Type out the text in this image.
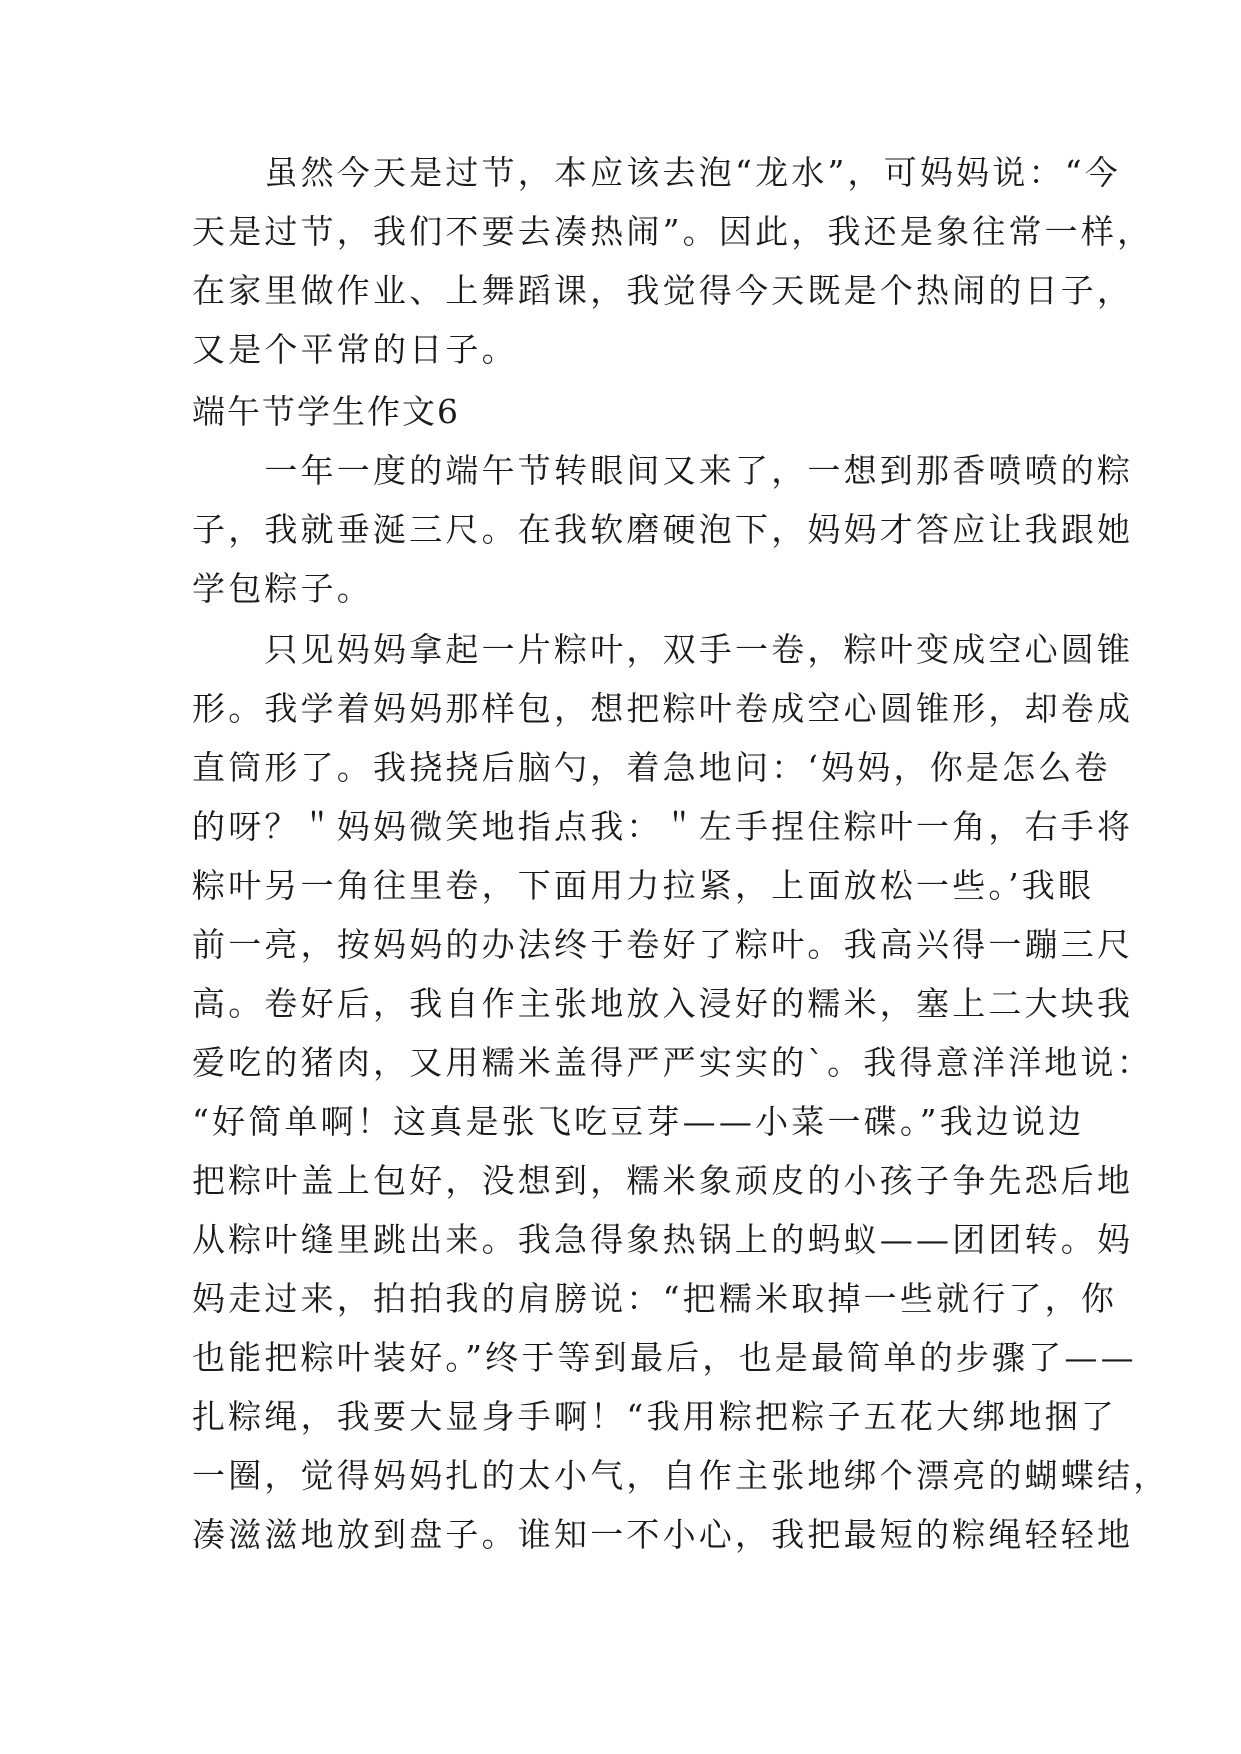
　　虽然今天是过节，本应该去泡“龙水”，可妈妈说：“今
天是过节，我们不要去凑热闹”。因此，我还是象往常一样，
在家里做作业、上舞蹈课，我觉得今天既是个热闹的日子，
又是个平常的日子。
端午节学生作文6
　　一年一度的端午节转眼间又来了，一想到那香喷喷的粽
子，我就垂涎三尺。在我软磨硬泡下，妈妈才答应让我跟她
学包粽子。
　　只见妈妈拿起一片粽叶，双手一卷，粽叶变成空心圆锥
形。我学着妈妈那样包，想把粽叶卷成空心圆锥形，却卷成
直筒形了。我挠挠后脑勺，着急地问：‘妈妈，你是怎么卷
的呀？＂妈妈微笑地指点我：＂左手捏住粽叶一角，右手将
粽叶另一角往里卷，下面用力拉紧，上面放松一些。’我眼
前一亮，按妈妈的办法终于卷好了粽叶。我高兴得一蹦三尺
高。卷好后，我自作主张地放入浸好的糯米，塞上二大块我
爱吃的猪肉，又用糯米盖得严严实实的`。我得意洋洋地说：
“好简单啊！这真是张飞吃豆芽——小菜一碟。”我边说边
把粽叶盖上包好，没想到，糯米象顽皮的小孩子争先恐后地
从粽叶缝里跳出来。我急得象热锅上的蚂蚁——团团转。妈
妈走过来，拍拍我的肩膀说：“把糯米取掉一些就行了，你
也能把粽叶装好。”终于等到最后，也是最简单的步骤了——
扎粽绳，我要大显身手啊！“我用粽把粽子五花大绑地捆了
一圈，觉得妈妈扎的太小气，自作主张地绑个漂亮的蝴蝶结，
凑滋滋地放到盘子。谁知一不小心，我把最短的粽绳轻轻地
